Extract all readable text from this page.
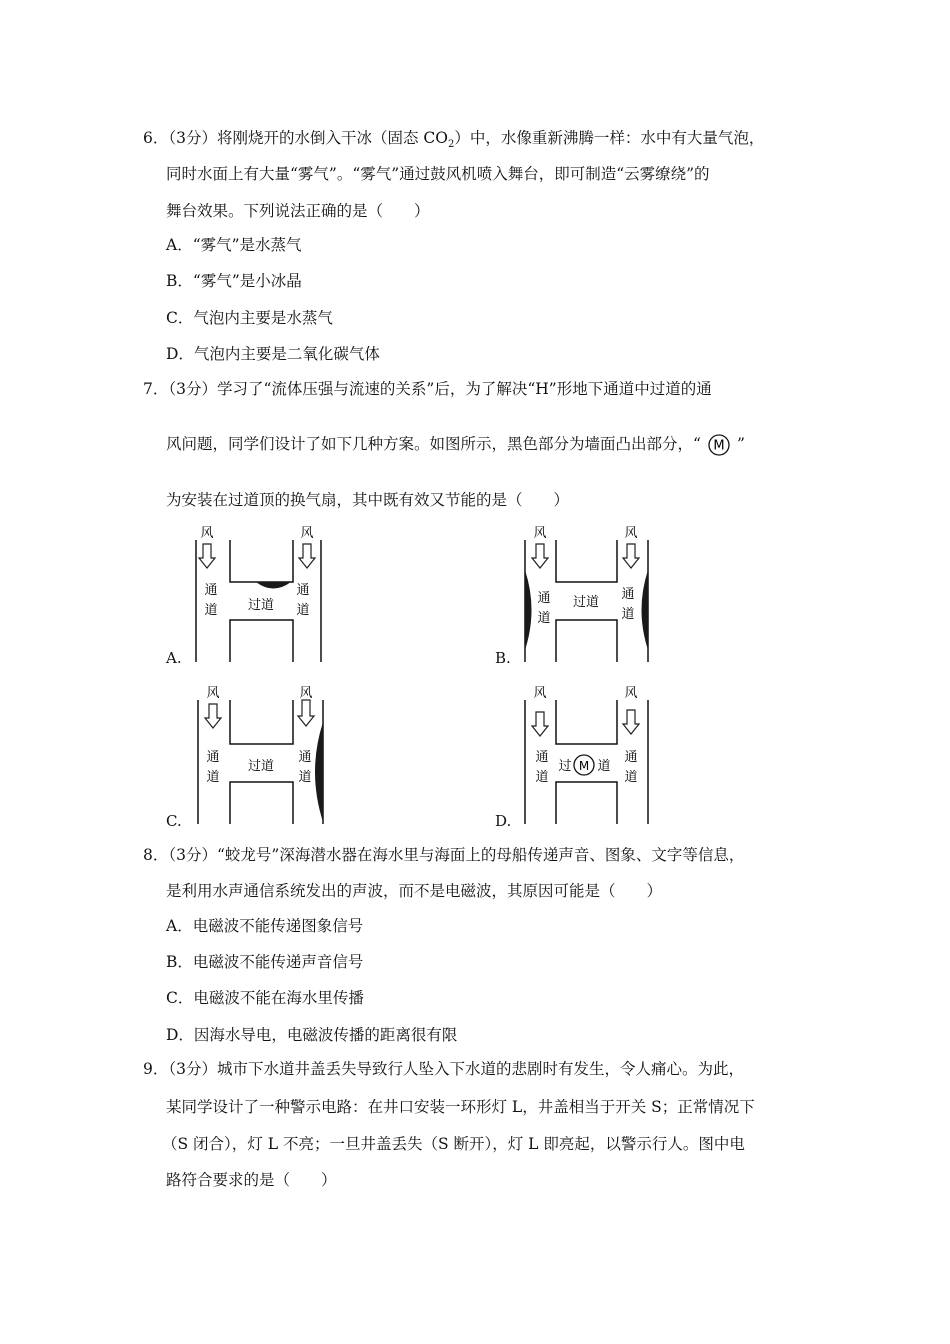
6．（3分）将刚烧开的水倒入干冰（固态 $CO_2$）中，水像重新沸腾一样：水中有大量气泡，
同时水面上有大量“雾气”。“雾气”通过鼓风机喷入舞台，即可制造“云雾缭绕”的
舞台效果。下列说法正确的是（　　）
A．“雾气”是水蒸气
B．“雾气”是小冰晶
C．气泡内主要是水蒸气
D．气泡内主要是二氧化碳气体
7．（3分）学习了“流体压强与流速的关系”后，为了解决“H”形地下通道中过道的通
风问题，同学们设计了如下几种方案。如图所示，黑色部分为墙面凸出部分，“ M ”
为安装在过道顶的换气扇，其中既有效又节能的是（　　）
风	风
通
道
通
道
过道
A.
风	风
通
道
通
道
过道
B.
风	风
通
道
通
道
过道
C.
风	风
通
道
通
道
过 M 道
D.
8．（3分）“蛟龙号”深海潜水器在海水里与海面上的母船传递声音、图象、文字等信息，
是利用水声通信系统发出的声波，而不是电磁波，其原因可能是（　　）
A．电磁波不能传递图象信号
B．电磁波不能传递声音信号
C．电磁波不能在海水里传播
D．因海水导电，电磁波传播的距离很有限
9．（3分）城市下水道井盖丢失导致行人坠入下水道的悲剧时有发生，令人痛心。为此，
某同学设计了一种警示电路：在井口安装一环形灯 L，井盖相当于开关 S；正常情况下
（S 闭合），灯 L 不亮；一旦井盖丢失（S 断开），灯 L 即亮起，以警示行人。图中电
路符合要求的是（　　）
